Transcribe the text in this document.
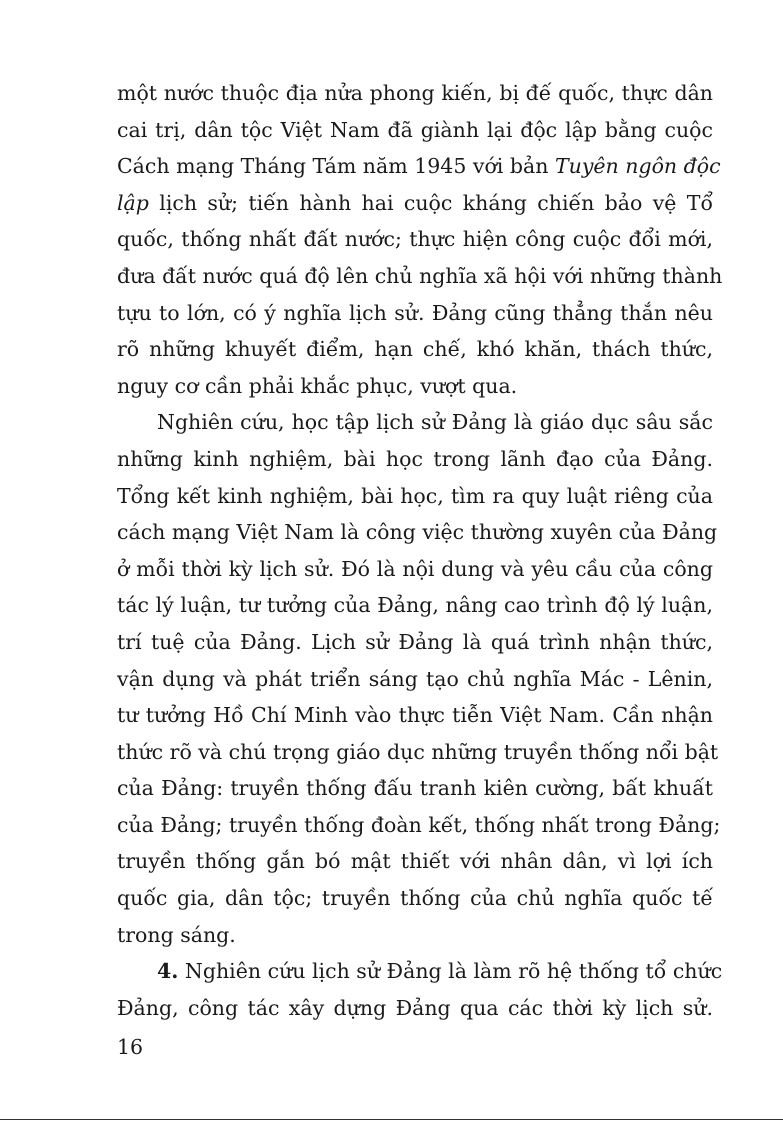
một nước thuộc địa nửa phong kiến, bị đế quốc, thực dân
cai trị, dân tộc Việt Nam đã giành lại độc lập bằng cuộc
Cách mạng Tháng Tám năm 1945 với bản Tuyên ngôn độc
lập lịch sử; tiến hành hai cuộc kháng chiến bảo vệ Tổ
quốc, thống nhất đất nước; thực hiện công cuộc đổi mới,
đưa đất nước quá độ lên chủ nghĩa xã hội với những thành
tựu to lớn, có ý nghĩa lịch sử. Đảng cũng thẳng thắn nêu
rõ những khuyết điểm, hạn chế, khó khăn, thách thức,
nguy cơ cần phải khắc phục, vượt qua.
Nghiên cứu, học tập lịch sử Đảng là giáo dục sâu sắc
những kinh nghiệm, bài học trong lãnh đạo của Đảng.
Tổng kết kinh nghiệm, bài học, tìm ra quy luật riêng của
cách mạng Việt Nam là công việc thường xuyên của Đảng
ở mỗi thời kỳ lịch sử. Đó là nội dung và yêu cầu của công
tác lý luận, tư tưởng của Đảng, nâng cao trình độ lý luận,
trí tuệ của Đảng. Lịch sử Đảng là quá trình nhận thức,
vận dụng và phát triển sáng tạo chủ nghĩa Mác - Lênin,
tư tưởng Hồ Chí Minh vào thực tiễn Việt Nam. Cần nhận
thức rõ và chú trọng giáo dục những truyền thống nổi bật
của Đảng: truyền thống đấu tranh kiên cường, bất khuất
của Đảng; truyền thống đoàn kết, thống nhất trong Đảng;
truyền thống gắn bó mật thiết với nhân dân, vì lợi ích
quốc gia, dân tộc; truyền thống của chủ nghĩa quốc tế
trong sáng.
4. Nghiên cứu lịch sử Đảng là làm rõ hệ thống tổ chức
Đảng, công tác xây dựng Đảng qua các thời kỳ lịch sử.
16
